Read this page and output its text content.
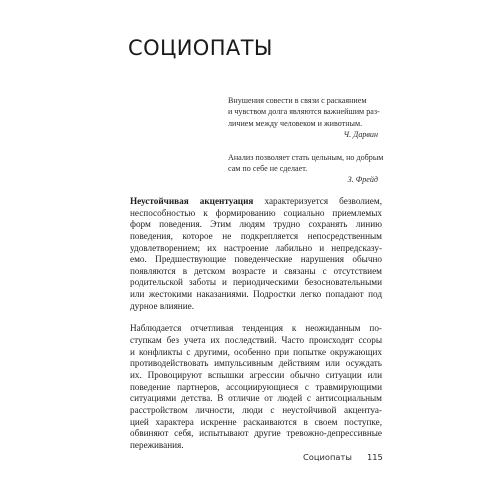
СОЦИОПАТЫ
Внушения совести в связи с раскаянием
и чувством долга являются важнейшим раз-
личием между человеком и животным.
Ч. Дарвин
Анализ позволяет стать цельным, но добрым
сам по себе не сделает.
З. Фрейд
Неустойчивая акцентуация характеризуется безволием,
неспособностью к формированию социально приемлемых
форм поведения. Этим людям трудно сохранять линию
поведения, которое не подкрепляется непосредственным
удовлетворением; их настроение лабильно и непредсказу-
емо. Предшествующие поведенческие нарушения обычно
появляются в детском возрасте и связаны с отсутствием
родительской заботы и периодическими безосновательными
или жестокими наказаниями. Подростки легко попадают под
дурное влияние.
Наблюдается отчетливая тенденция к неожиданным по-
ступкам без учета их последствий. Часто происходят ссоры
и конфликты с другими, особенно при попытке окружающих
противодействовать импульсивным действиям или осуждать
их. Провоцируют вспышки агрессии обычно ситуации или
поведение партнеров, ассоциирующиеся с травмирующими
ситуациями детства. В отличие от людей с антисоциальным
расстройством личности, люди с неустойчивой акцентуа-
цией характера искренне раскаиваются в своем поступке,
обвиняют себя, испытывают другие тревожно-депрессивные
переживания.
Социопаты 115
